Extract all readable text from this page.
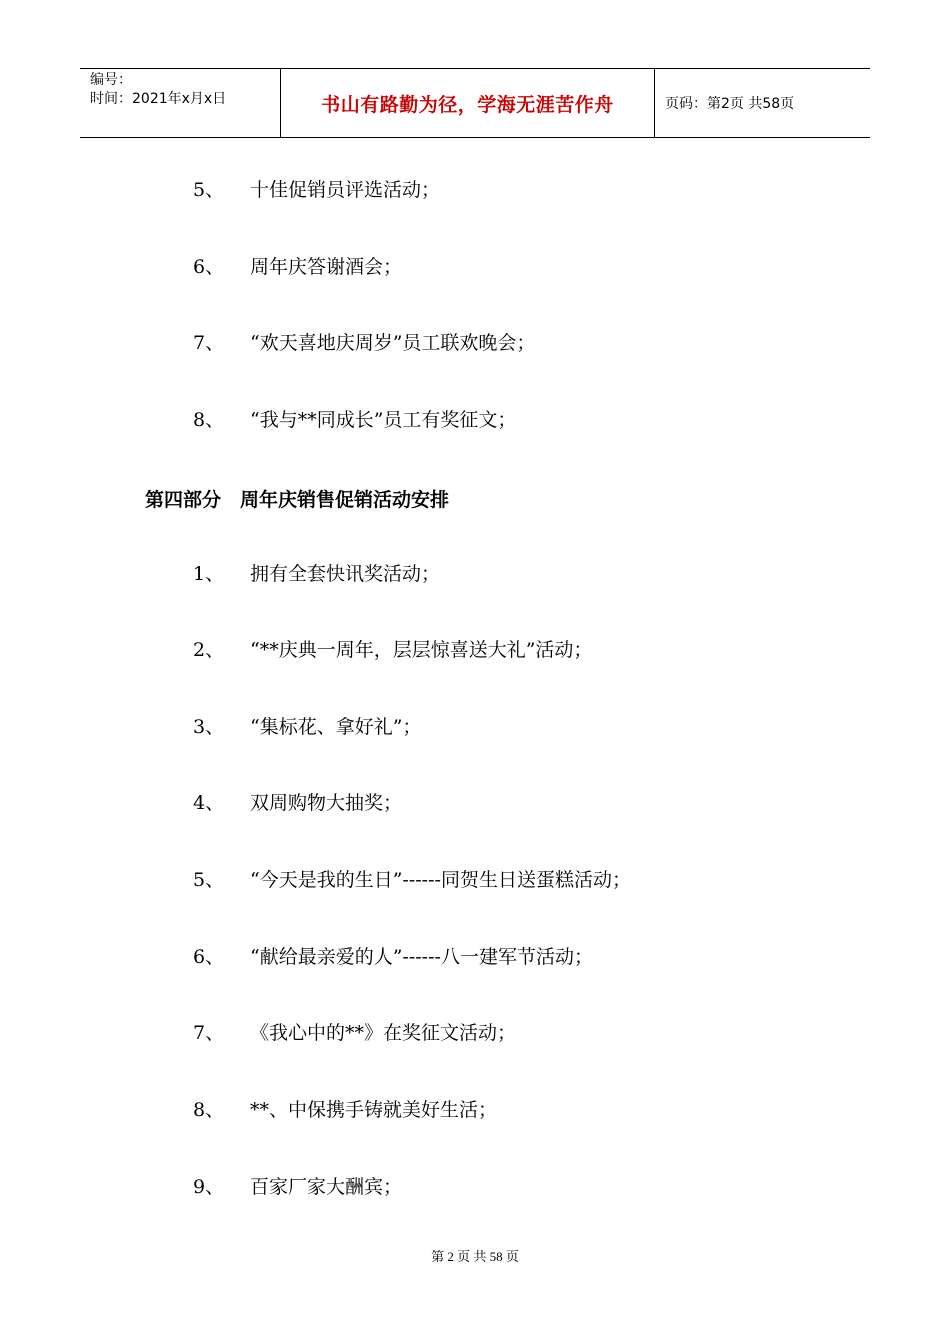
编号：
时间：2021年x月x日	书山有路勤为径，学海无涯苦作舟	页码：第2页 共58页
5、	十佳促销员评选活动；
6、	周年庆答谢酒会；
7、	“欢天喜地庆周岁”员工联欢晚会；
8、	“我与**同成长”员工有奖征文；
第四部分　周年庆销售促销活动安排
1、	拥有全套快讯奖活动；
2、	“**庆典一周年，层层惊喜送大礼”活动；
3、	“集标花、拿好礼”；
4、	双周购物大抽奖；
5、	“今天是我的生日”------同贺生日送蛋糕活动；
6、	“献给最亲爱的人”------八一建军节活动；
7、	《我心中的**》在奖征文活动；
8、	**、中保携手铸就美好生活；
9、	百家厂家大酬宾；
第 2 页 共 58 页
